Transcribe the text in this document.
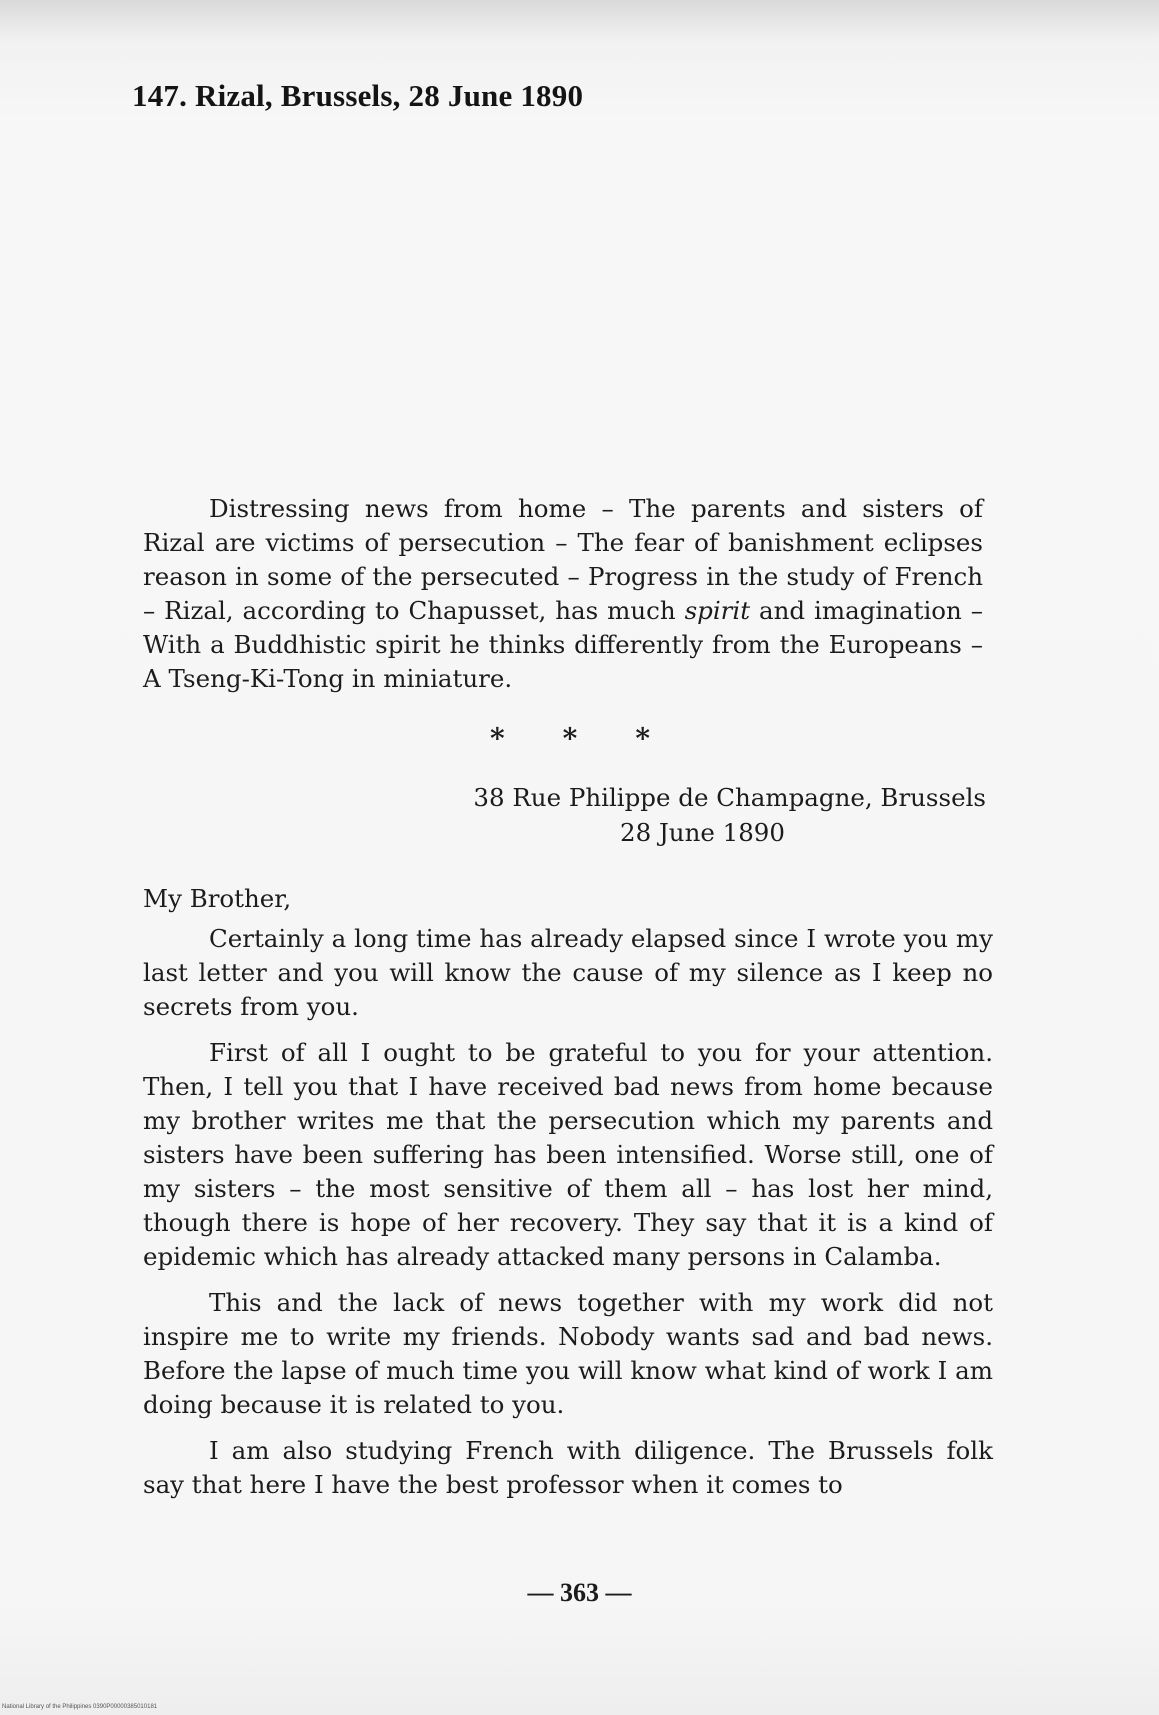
147. Rizal, Brussels, 28 June 1890
Distressing news from home – The parents and sisters of Rizal are victims of persecution – The fear of banishment eclipses reason in some of the persecuted – Progress in the study of French – Rizal, according to Chapusset, has much spirit and imagination – With a Buddhistic spirit he thinks differently from the Europeans – A Tseng-Ki-Tong in miniature.
* * *
38 Rue Philippe de Champagne, Brussels
28 June 1890
My Brother,

Certainly a long time has already elapsed since I wrote you my last letter and you will know the cause of my silence as I keep no secrets from you.

First of all I ought to be grateful to you for your attention. Then, I tell you that I have received bad news from home because my brother writes me that the persecution which my parents and sisters have been suffering has been intensified. Worse still, one of my sisters – the most sensitive of them all – has lost her mind, though there is hope of her recovery. They say that it is a kind of epidemic which has already attacked many persons in Calamba.

This and the lack of news together with my work did not inspire me to write my friends. Nobody wants sad and bad news. Before the lapse of much time you will know what kind of work I am doing because it is related to you.

I am also studying French with diligence. The Brussels folk say that here I have the best professor when it comes to

— 363 —
National Library of the Philippines 0390P00000385010181
